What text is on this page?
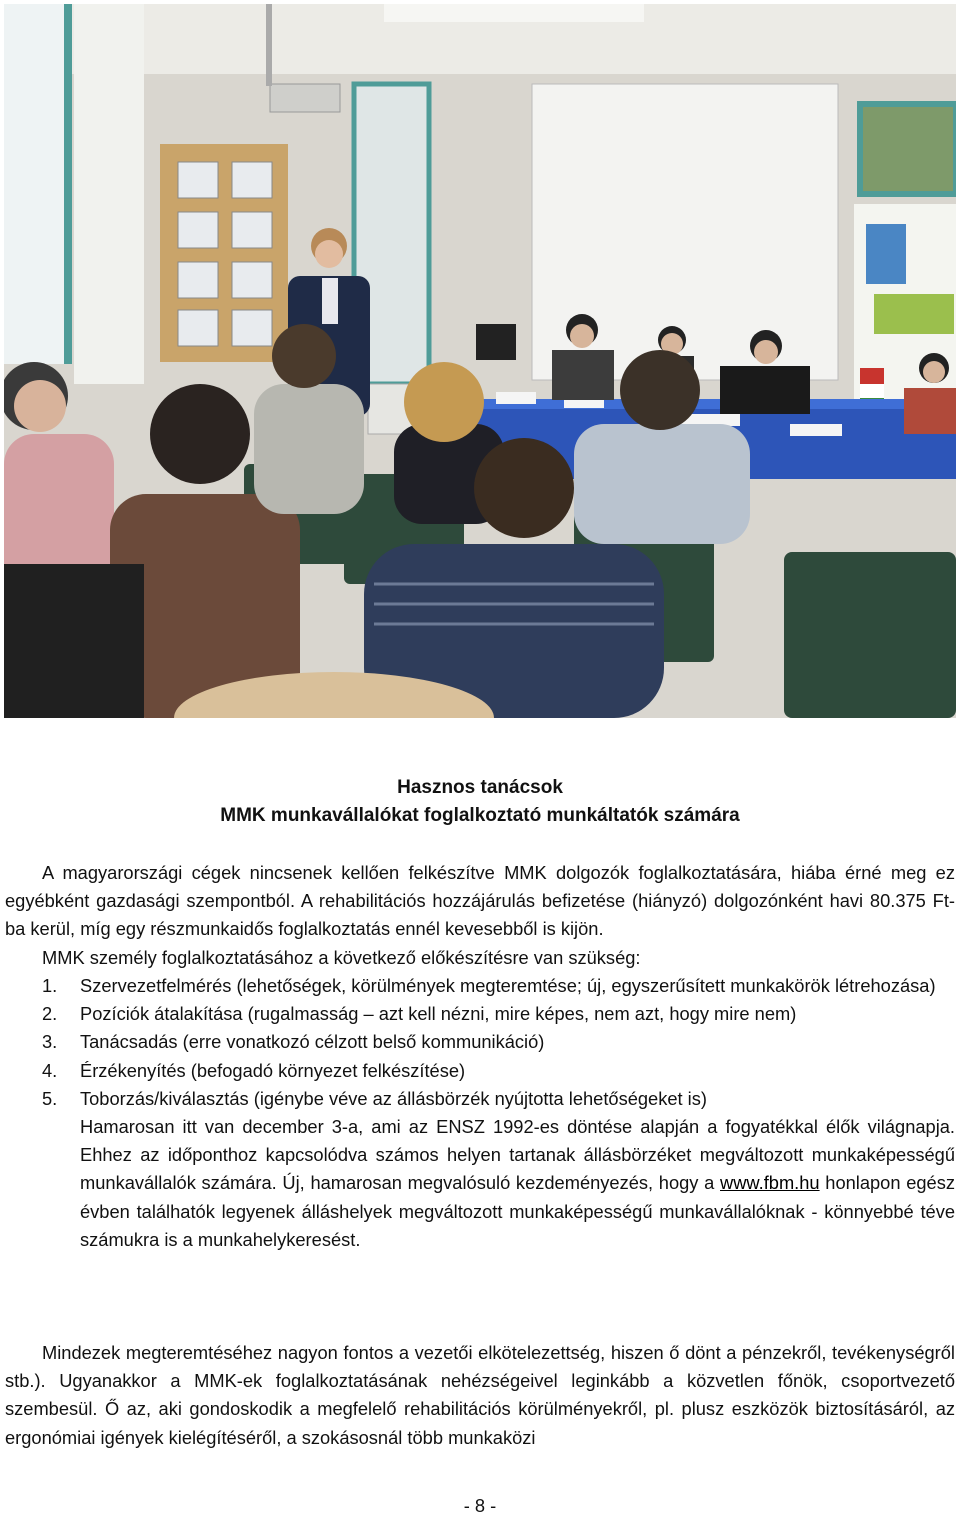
Hasznos tanácsok
MMK munkavállalókat foglalkoztató munkáltatók számára

A magyarországi cégek nincsenek kellően felkészítve MMK dolgozók foglalkoztatására, hiába érné meg ez egyébként gazdasági szempontból. A rehabilitációs hozzájárulás befizetése (hiányzó) dolgozónként havi 80.375 Ft-ba kerül, míg egy részmunkaidős foglalkoztatás ennél kevesebből is kijön.
MMK személy foglalkoztatásához a következő előkészítésre van szükség:

1. Szervezetfelmérés (lehetőségek, körülmények megteremtése; új, egyszerűsített munkakörök létrehozása)
2. Pozíciók átalakítása (rugalmasság – azt kell nézni, mire képes, nem azt, hogy mire nem)
3. Tanácsadás (erre vonatkozó célzott belső kommunikáció)
4. Érzékenyítés (befogadó környezet felkészítése)
5. Toborzás/kiválasztás (igénybe véve az állásbörzék nyújtotta lehetőségeket is)
Hamarosan itt van december 3-a, ami az ENSZ 1992-es döntése alapján a fogyatékkal élők világnapja. Ehhez az időponthoz kapcsolódva számos helyen tartanak állásbörzéket megváltozott munkaképességű munkavállalók számára. Új, hamarosan megvalósuló kezdeményezés, hogy a www.fbm.hu honlapon egész évben találhatók legyenek álláshelyek megváltozott munkaképességű munkavállalóknak - könnyebbé téve számukra is a munkahelykeresést.

Mindezek megteremtéséhez nagyon fontos a vezetői elkötelezettség, hiszen ő dönt a pénzekről, tevékenységről stb.). Ugyanakkor a MMK-ek foglalkoztatásának nehézségeivel leginkább a közvetlen főnök, csoportvezető szembesül. Ő az, aki gondoskodik a megfelelő rehabilitációs körülményekről, pl. plusz eszközök biztosításáról, az ergonómiai igények kielégítéséről, a szokásosnál több munkaközi

- 8 -
